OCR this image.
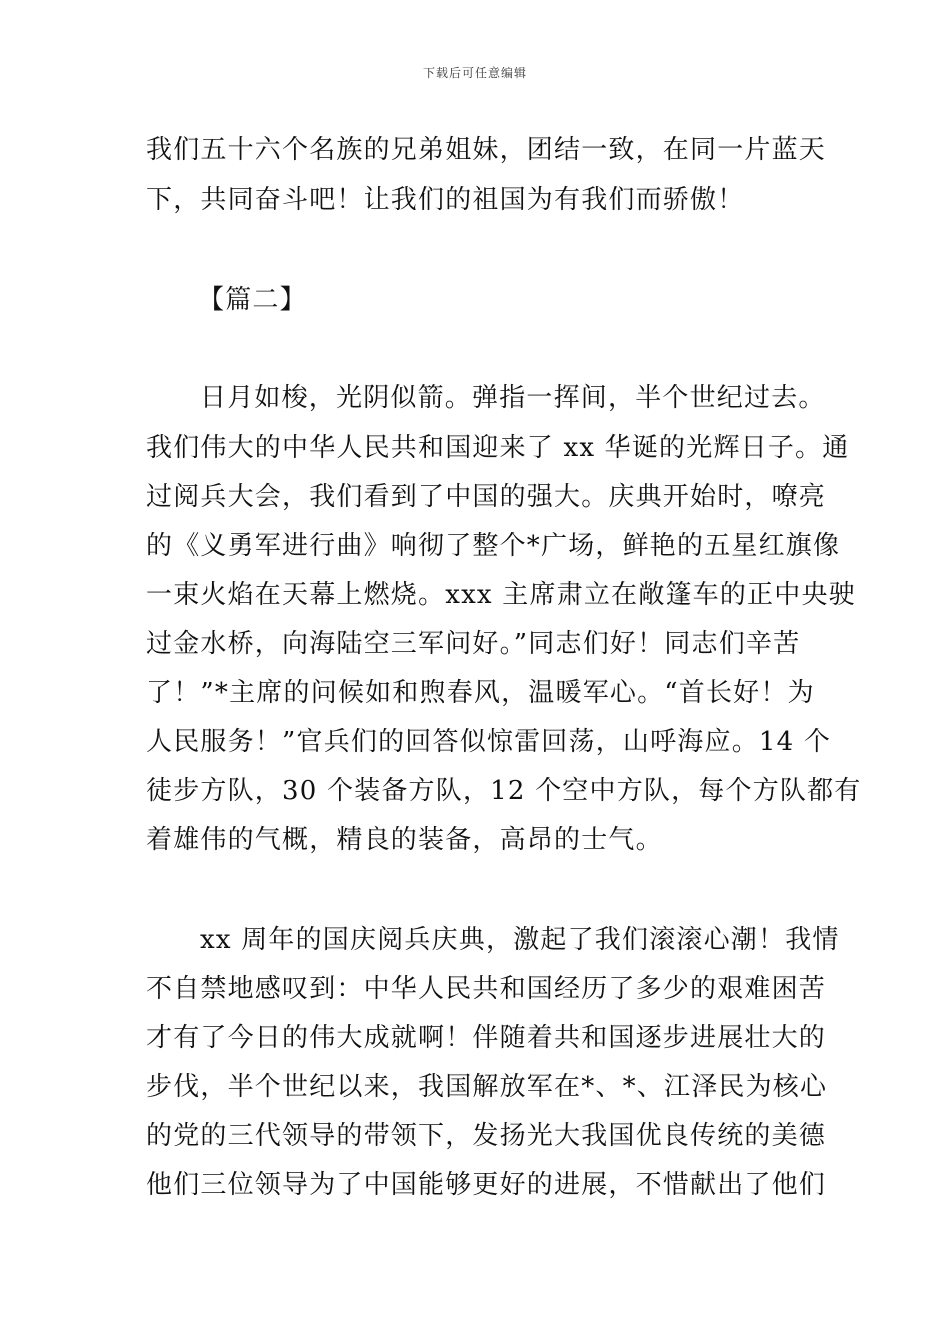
下载后可任意编辑
我们五十六个名族的兄弟姐妹，团结一致，在同一片蓝天
下，共同奋斗吧！让我们的祖国为有我们而骄傲！
【篇二】
日月如梭，光阴似箭。弹指一挥间，半个世纪过去。
我们伟大的中华人民共和国迎来了 xx 华诞的光辉日子。通
过阅兵大会，我们看到了中国的强大。庆典开始时，嘹亮
的《义勇军进行曲》响彻了整个*广场，鲜艳的五星红旗像
一束火焰在天幕上燃烧。xxx 主席肃立在敞篷车的正中央驶
过金水桥，向海陆空三军问好。”同志们好！同志们辛苦
了！”*主席的问候如和煦春风，温暖军心。“首长好！为
人民服务！”官兵们的回答似惊雷回荡，山呼海应。14 个
徒步方队，30 个装备方队，12 个空中方队，每个方队都有
着雄伟的气概，精良的装备，高昂的士气。
xx 周年的国庆阅兵庆典，激起了我们滚滚心潮！我情
不自禁地感叹到：中华人民共和国经历了多少的艰难困苦
才有了今日的伟大成就啊！伴随着共和国逐步进展壮大的
步伐，半个世纪以来，我国解放军在*、*、江泽民为核心
的党的三代领导的带领下，发扬光大我国优良传统的美德
他们三位领导为了中国能够更好的进展，不惜献出了他们
